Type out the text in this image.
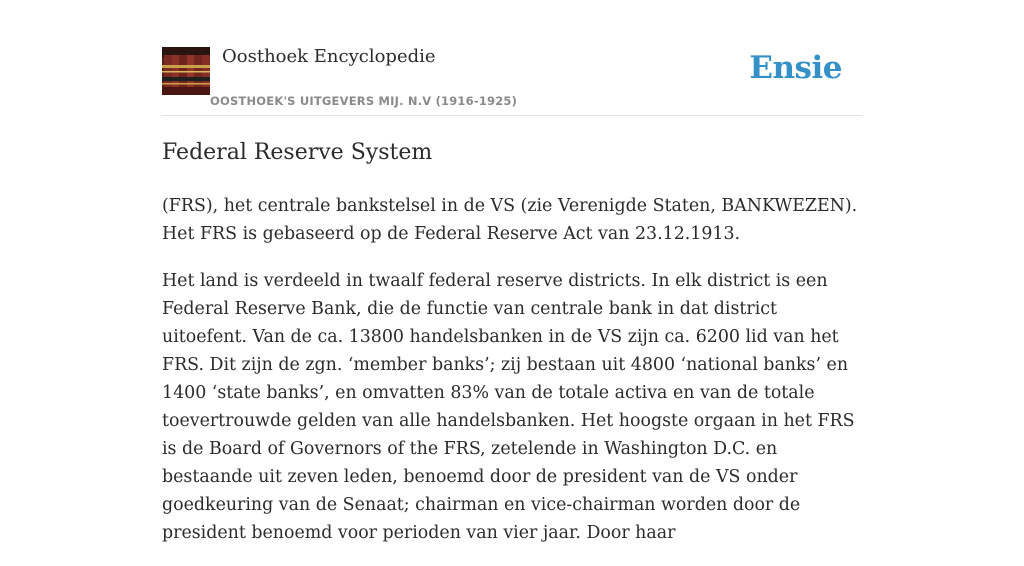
Oosthoek Encyclopedie
OOSTHOEK'S UITGEVERS MIJ. N.V (1916-1925)
Ensie
Federal Reserve System

(FRS), het centrale bankstelsel in de VS (zie Verenigde Staten, BANKWEZEN). Het FRS is gebaseerd op de Federal Reserve Act van 23.12.1913.

Het land is verdeeld in twaalf federal reserve districts. In elk district is een Federal Reserve Bank, die de functie van centrale bank in dat district uitoefent. Van de ca. 13800 handelsbanken in de VS zijn ca. 6200 lid van het FRS. Dit zijn de zgn. ‘member banks’; zij bestaan uit 4800 ‘national banks’ en 1400 ‘state banks’, en omvatten 83% van de totale activa en van de totale toevertrouwde gelden van alle handelsbanken. Het hoogste orgaan in het FRS is de Board of Governors of the FRS, zetelende in Washington D.C. en bestaande uit zeven leden, benoemd door de president van de VS onder goedkeuring van de Senaat; chairman en vice-chairman worden door de president benoemd voor perioden van vier jaar. Door haar
